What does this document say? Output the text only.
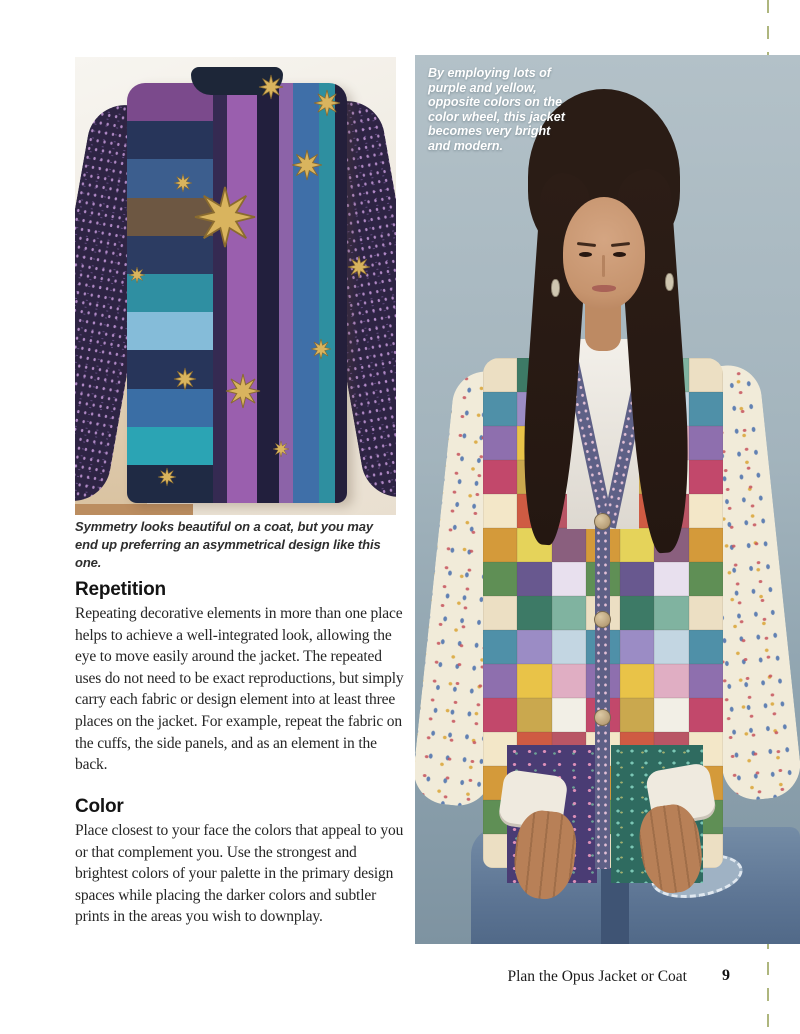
Symmetry looks beautiful on a coat, but you may end up preferring an asymmetrical design like this one.

Repetition

Repeating decorative elements in more than one place helps to achieve a well-integrated look, allowing the eye to move easily around the jacket. The repeated uses do not need to be exact reproductions, but simply carry each fabric or design element into at least three places on the jacket. For example, repeat the fabric on the cuffs, the side panels, and as an element in the back.

Color

Place closest to your face the colors that appeal to you or that complement you. Use the strongest and brightest colors of your palette in the primary design spaces while placing the darker colors and subtler prints in the areas you wish to downplay.

By employing lots of
purple and yellow,
opposite colors on the
color wheel, this jacket
becomes very bright
and modern.
Plan the Opus Jacket or Coat 9
